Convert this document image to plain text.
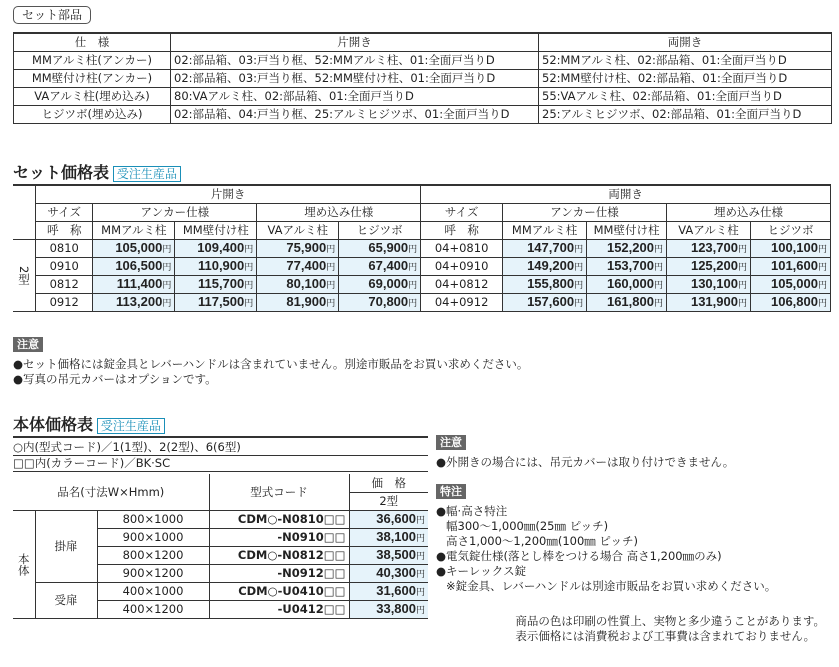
セット部品
仕　様	片開き	両開き
MMアルミ柱(アンカー)	02:部品箱、03:戸当り框、52:MMアルミ柱、01:全面戸当りD	52:MMアルミ柱、02:部品箱、01:全面戸当りD
MM壁付け柱(アンカー)	02:部品箱、03:戸当り框、52:MM壁付け柱、01:全面戸当りD	52:MM壁付け柱、02:部品箱、01:全面戸当りD
VAアルミ柱(埋め込み)	80:VAアルミ柱、02:部品箱、01:全面戸当りD	55:VAアルミ柱、02:部品箱、01:全面戸当りD
ヒジツボ(埋め込み)	02:部品箱、04:戸当り框、25:アルミヒジツボ、01:全面戸当りD	25:アルミヒジツボ、02:部品箱、01:全面戸当りD
セット価格表 受注生産品
	片開き					両開き				
	サイズ	アンカー仕様		埋め込み仕様		サイズ	アンカー仕様		埋め込み仕様	
	呼　称	MMアルミ柱	MM壁付け柱	VAアルミ柱	ヒジツボ	呼　称	MMアルミ柱	MM壁付け柱	VAアルミ柱	ヒジツボ
2型	0810	105,000円	109,400円	75,900円	65,900円	04+0810	147,700円	152,200円	123,700円	100,100円
	0910	106,500円	110,900円	77,400円	67,400円	04+0910	149,200円	153,700円	125,200円	101,600円
	0812	111,400円	115,700円	80,100円	69,000円	04+0812	155,800円	160,000円	130,100円	105,000円
	0912	113,200円	117,500円	81,900円	70,800円	04+0912	157,600円	161,800円	131,900円	106,800円
注意
●セット価格には錠金具とレバーハンドルは含まれていません。別途市販品をお買い求めください。
●写真の吊元カバーはオプションです。
本体価格表 受注生産品
○内(型式コード)／1(1型)、2(2型)、6(6型)
□□内(カラーコード)／BK·SC
品名(寸法W×Hmm)			型式コード	価　格
				2型
本体	掛扉	800×1000	CDM○-N0810□□	36,600円
		900×1000	-N0910□□	38,100円
		800×1200	CDM○-N0812□□	38,500円
		900×1200	-N0912□□	40,300円
	受扉	400×1000	CDM○-U0410□□	31,600円
		400×1200	-U0412□□	33,800円
注意
●外開きの場合には、吊元カバーは取り付けできません。
特注
●幅·高さ特注
幅300～1,000㎜(25㎜ ピッチ)
高さ1,000～1,200㎜(100㎜ ピッチ)
●電気錠仕様(落とし棒をつける場合 高さ1,200㎜のみ)
●キーレックス錠
※錠金具、レバーハンドルは別途市販品をお買い求めください。
商品の色は印刷の性質上、実物と多少違うことがあります。
表示価格には消費税および工事費は含まれておりません。
